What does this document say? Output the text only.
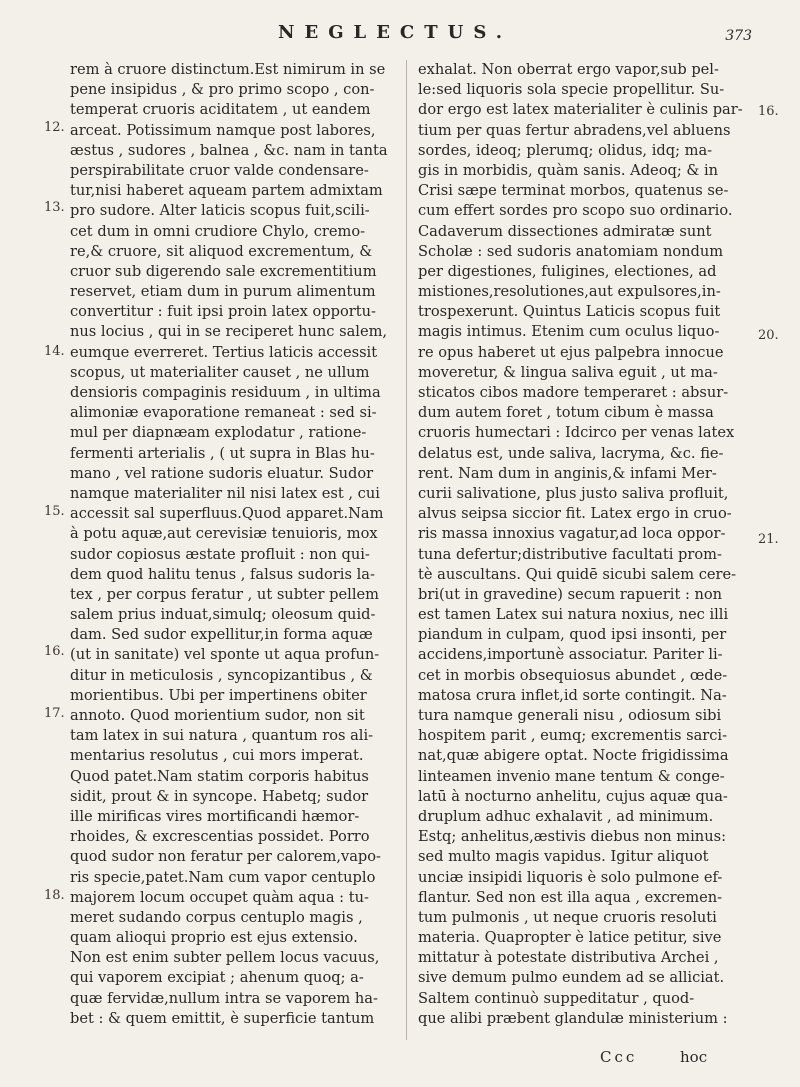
NEGLECTUS.	373
12.
13.
14.
15.
16.
17.
18.
16.
20.
21.
rem à cruore distinctum.Est nimirum in se
pene insipidus , & pro primo scopo , con-
temperat cruoris aciditatem , ut eandem
arceat. Potissimum namque post labores,
æstus , sudores , balnea , &c. nam in tanta
perspirabilitate cruor valde condensare-
tur,nisi haberet aqueam partem admixtam
pro sudore. Alter laticis scopus fuit,scili-
cet dum in omni crudiore Chylo, cremo-
re,& cruore, sit aliquod excrementum, &
cruor sub digerendo sale excrementitium
reservet, etiam dum in purum alimentum
convertitur : fuit ipsi proin latex opportu-
nus locius , qui in se reciperet hunc salem,
eumque everreret. Tertius laticis accessit
scopus, ut materialiter causet , ne ullum
densioris compaginis residuum , in ultima
alimoniæ evaporatione remaneat : sed si-
mul per diapnæam explodatur , ratione-
fermenti arterialis , ( ut supra in Blas hu-
mano , vel ratione sudoris eluatur. Sudor
namque materialiter nil nisi latex est , cui
accessit sal superfluus.Quod apparet.Nam
à potu aquæ,aut cerevisiæ tenuioris, mox
sudor copiosus æstate profluit : non qui-
dem quod halitu tenus , falsus sudoris la-
tex , per corpus feratur , ut subter pellem
salem prius induat,simulq; oleosum quid-
dam. Sed sudor expellitur,in forma aquæ
(ut in sanitate) vel sponte ut aqua profun-
ditur in meticulosis , syncopizantibus , &
morientibus. Ubi per impertinens obiter
annoto. Quod morientium sudor, non sit
tam latex in sui natura , quantum ros ali-
mentarius resolutus , cui mors imperat.
Quod patet.Nam statim corporis habitus
sidit, prout & in syncope. Habetq; sudor
ille mirificas vires mortificandi hæmor-
rhoides, & excrescentias possidet. Porro
quod sudor non feratur per calorem,vapo-
ris specie,patet.Nam cum vapor centuplo
majorem locum occupet quàm aqua : tu-
meret sudando corpus centuplo magis ,
quam alioqui proprio est ejus extensio.
Non est enim subter pellem locus vacuus,
qui vaporem excipiat ; ahenum quoq; a-
quæ fervidæ,nullum intra se vaporem ha-
bet : & quem emittit, è superficie tantum
exhalat. Non oberrat ergo vapor,sub pel-
le:sed liquoris sola specie propellitur. Su-
dor ergo est latex materialiter è culinis par-
tium per quas fertur abradens,vel abluens
sordes, ideoq; plerumq; olidus, idq; ma-
gis in morbidis, quàm sanis. Adeoq; & in
Crisi sæpe terminat morbos, quatenus se-
cum effert sordes pro scopo suo ordinario.
Cadaverum dissectiones admiratæ sunt
Scholæ : sed sudoris anatomiam nondum
per digestiones, fuligines, electiones, ad
mistiones,resolutiones,aut expulsores,in-
trospexerunt. Quintus Laticis scopus fuit
magis intimus. Etenim cum oculus liquo-
re opus haberet ut ejus palpebra innocue
moveretur, & lingua saliva eguit , ut ma-
sticatos cibos madore temperaret : absur-
dum autem foret , totum cibum è massa
cruoris humectari : Idcirco per venas latex
delatus est, unde saliva, lacryma, &c. fie-
rent. Nam dum in anginis,& infami Mer-
curii salivatione, plus justo saliva profluit,
alvus seipsa siccior fit. Latex ergo in cruo-
ris massa innoxius vagatur,ad loca oppor-
tuna defertur;distributive facultati prom-
tè auscultans. Qui quidē sicubi salem cere-
bri(ut in gravedine) secum rapuerit : non
est tamen Latex sui natura noxius, nec illi
piandum in culpam, quod ipsi insonti, per
accidens,importunè associatur. Pariter li-
cet in morbis obsequiosus abundet , œde-
matosa crura inflet,id sorte contingit. Na-
tura namque generali nisu , odiosum sibi
hospitem parit , eumq; excrementis sarci-
nat,quæ abigere optat. Nocte frigidissima
linteamen invenio mane tentum & conge-
latū à nocturno anhelitu, cujus aquæ qua-
druplum adhuc exhalavit , ad minimum.
Estq; anhelitus,æstivis diebus non minus:
sed multo magis vapidus. Igitur aliquot
unciæ insipidi liquoris è solo pulmone ef-
flantur. Sed non est illa aqua , excremen-
tum pulmonis , ut neque cruoris resoluti
materia. Quapropter è latice petitur, sive
mittatur à potestate distributiva Archei ,
sive demum pulmo eundem ad se alliciat.
Saltem continuò suppeditatur , quod-
que alibi præbent glandulæ ministerium :
Ccc	hoc
